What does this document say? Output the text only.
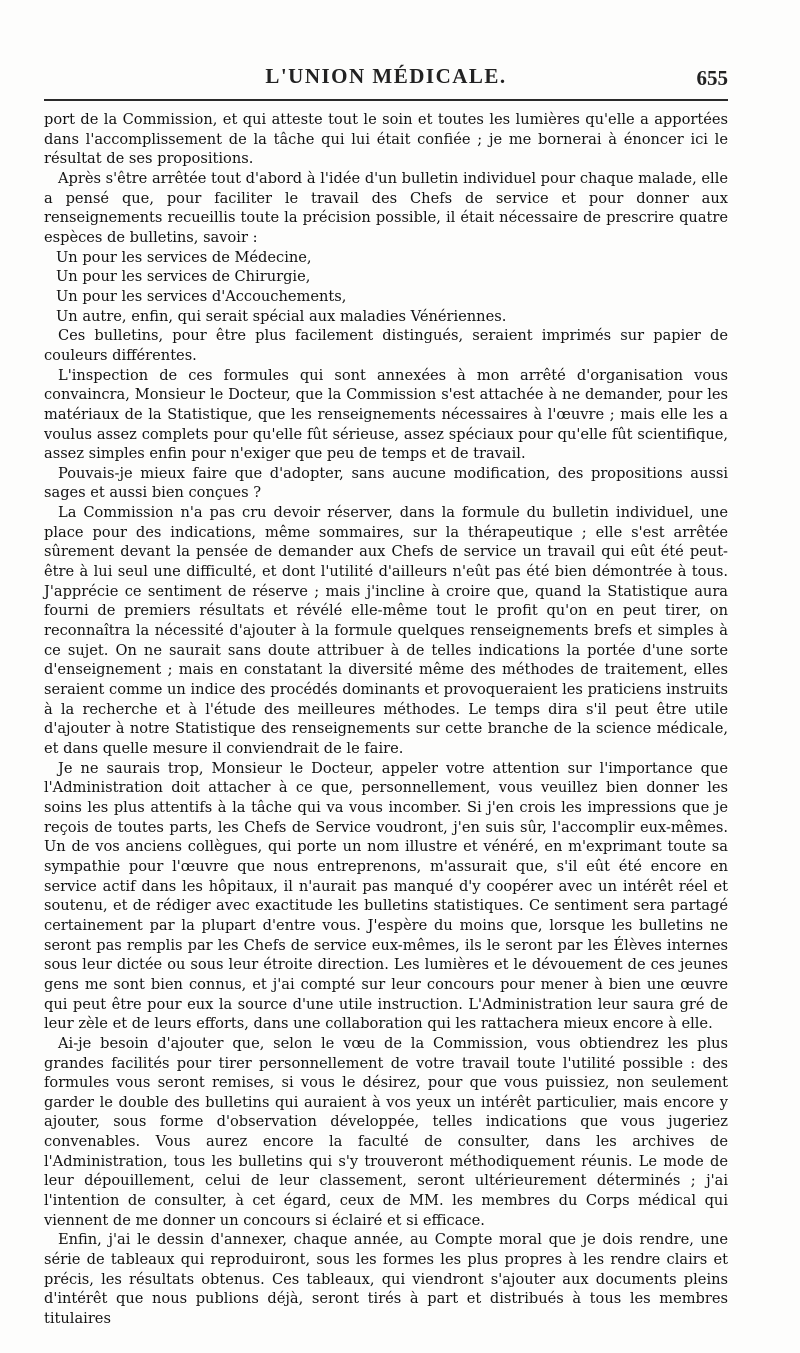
L'UNION MÉDICALE.	655

port de la Commission, et qui atteste tout le soin et toutes les lumières qu'elle a apportées dans l'accomplissement de la tâche qui lui était confiée ; je me bornerai à énoncer ici le résultat de ses propositions.

Après s'être arrêtée tout d'abord à l'idée d'un bulletin individuel pour chaque malade, elle a pensé que, pour faciliter le travail des Chefs de service et pour donner aux renseignements recueillis toute la précision possible, il était nécessaire de prescrire quatre espèces de bulletins, savoir :

Un pour les services de Médecine,

Un pour les services de Chirurgie,

Un pour les services d'Accouchements,

Un autre, enfin, qui serait spécial aux maladies Vénériennes.

Ces bulletins, pour être plus facilement distingués, seraient imprimés sur papier de couleurs différentes.

L'inspection de ces formules qui sont annexées à mon arrêté d'organisation vous convaincra, Monsieur le Docteur, que la Commission s'est attachée à ne demander, pour les matériaux de la Statistique, que les renseignements nécessaires à l'œuvre ; mais elle les a voulus assez complets pour qu'elle fût sérieuse, assez spéciaux pour qu'elle fût scientifique, assez simples enfin pour n'exiger que peu de temps et de travail.

Pouvais-je mieux faire que d'adopter, sans aucune modification, des propositions aussi sages et aussi bien conçues ?

La Commission n'a pas cru devoir réserver, dans la formule du bulletin individuel, une place pour des indications, même sommaires, sur la thérapeutique ; elle s'est arrêtée sûrement devant la pensée de demander aux Chefs de service un travail qui eût été peut-être à lui seul une difficulté, et dont l'utilité d'ailleurs n'eût pas été bien démontrée à tous. J'apprécie ce sentiment de réserve ; mais j'incline à croire que, quand la Statistique aura fourni de premiers résultats et révélé elle-même tout le profit qu'on en peut tirer, on reconnaîtra la nécessité d'ajouter à la formule quelques renseignements brefs et simples à ce sujet. On ne saurait sans doute attribuer à de telles indications la portée d'une sorte d'enseignement ; mais en constatant la diversité même des méthodes de traitement, elles seraient comme un indice des procédés dominants et provoqueraient les praticiens instruits à la recherche et à l'étude des meilleures méthodes. Le temps dira s'il peut être utile d'ajouter à notre Statistique des renseignements sur cette branche de la science médicale, et dans quelle mesure il conviendrait de le faire.

Je ne saurais trop, Monsieur le Docteur, appeler votre attention sur l'importance que l'Administration doit attacher à ce que, personnellement, vous veuillez bien donner les soins les plus attentifs à la tâche qui va vous incomber. Si j'en crois les impressions que je reçois de toutes parts, les Chefs de Service voudront, j'en suis sûr, l'accomplir eux-mêmes. Un de vos anciens collègues, qui porte un nom illustre et vénéré, en m'exprimant toute sa sympathie pour l'œuvre que nous entreprenons, m'assurait que, s'il eût été encore en service actif dans les hôpitaux, il n'aurait pas manqué d'y coopérer avec un intérêt réel et soutenu, et de rédiger avec exactitude les bulletins statistiques. Ce sentiment sera partagé certainement par la plupart d'entre vous. J'espère du moins que, lorsque les bulletins ne seront pas remplis par les Chefs de service eux-mêmes, ils le seront par les Élèves internes sous leur dictée ou sous leur étroite direction. Les lumières et le dévouement de ces jeunes gens me sont bien connus, et j'ai compté sur leur concours pour mener à bien une œuvre qui peut être pour eux la source d'une utile instruction. L'Administration leur saura gré de leur zèle et de leurs efforts, dans une collaboration qui les rattachera mieux encore à elle.

Ai-je besoin d'ajouter que, selon le vœu de la Commission, vous obtiendrez les plus grandes facilités pour tirer personnellement de votre travail toute l'utilité possible : des formules vous seront remises, si vous le désirez, pour que vous puissiez, non seulement garder le double des bulletins qui auraient à vos yeux un intérêt particulier, mais encore y ajouter, sous forme d'observation développée, telles indications que vous jugeriez convenables. Vous aurez encore la faculté de consulter, dans les archives de l'Administration, tous les bulletins qui s'y trouveront méthodiquement réunis. Le mode de leur dépouillement, celui de leur classement, seront ultérieurement déterminés ; j'ai l'intention de consulter, à cet égard, ceux de MM. les membres du Corps médical qui viennent de me donner un concours si éclairé et si efficace.

Enfin, j'ai le dessin d'annexer, chaque année, au Compte moral que je dois rendre, une série de tableaux qui reproduiront, sous les formes les plus propres à les rendre clairs et précis, les résultats obtenus. Ces tableaux, qui viendront s'ajouter aux documents pleins d'intérêt que nous publions déjà, seront tirés à part et distribués à tous les membres titulaires
